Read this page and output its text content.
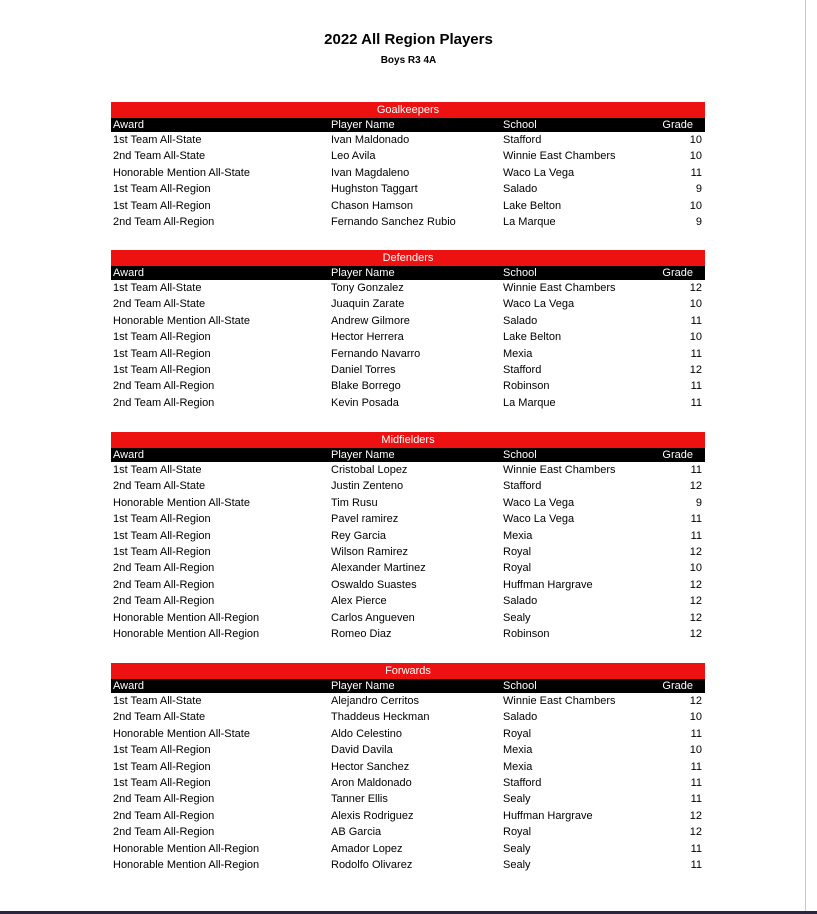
2022 All Region Players
Boys R3 4A
Goalkeepers
Award	Player Name	School	Grade
1st Team All-State	Ivan Maldonado	Stafford	10
2nd Team All-State	Leo Avila	Winnie East Chambers	10
Honorable Mention All-State	Ivan Magdaleno	Waco La Vega	11
1st Team All-Region	Hughston Taggart	Salado	9
1st Team All-Region	Chason Hamson	Lake Belton	10
2nd Team All-Region	Fernando Sanchez Rubio	La Marque	9
Defenders
Award	Player Name	School	Grade
1st Team All-State	Tony Gonzalez	Winnie East Chambers	12
2nd Team All-State	Juaquin Zarate	Waco La Vega	10
Honorable Mention All-State	Andrew Gilmore	Salado	11
1st Team All-Region	Hector Herrera	Lake Belton	10
1st Team All-Region	Fernando Navarro	Mexia	11
1st Team All-Region	Daniel Torres	Stafford	12
2nd Team All-Region	Blake Borrego	Robinson	11
2nd Team All-Region	Kevin Posada	La Marque	11
Midfielders
Award	Player Name	School	Grade
1st Team All-State	Cristobal Lopez	Winnie East Chambers	11
2nd Team All-State	Justin Zenteno	Stafford	12
Honorable Mention All-State	Tim Rusu	Waco La Vega	9
1st Team All-Region	Pavel ramirez	Waco La Vega	11
1st Team All-Region	Rey Garcia	Mexia	11
1st Team All-Region	Wilson Ramirez	Royal	12
2nd Team All-Region	Alexander Martinez	Royal	10
2nd Team All-Region	Oswaldo Suastes	Huffman Hargrave	12
2nd Team All-Region	Alex Pierce	Salado	12
Honorable Mention All-Region	Carlos Angueven	Sealy	12
Honorable Mention All-Region	Romeo Diaz	Robinson	12
Forwards
Award	Player Name	School	Grade
1st Team All-State	Alejandro Cerritos	Winnie East Chambers	12
2nd Team All-State	Thaddeus Heckman	Salado	10
Honorable Mention All-State	Aldo Celestino	Royal	11
1st Team All-Region	David Davila	Mexia	10
1st Team All-Region	Hector Sanchez	Mexia	11
1st Team All-Region	Aron Maldonado	Stafford	11
2nd Team All-Region	Tanner Ellis	Sealy	11
2nd Team All-Region	Alexis Rodriguez	Huffman Hargrave	12
2nd Team All-Region	AB Garcia	Royal	12
Honorable Mention All-Region	Amador Lopez	Sealy	11
Honorable Mention All-Region	Rodolfo Olivarez	Sealy	11
